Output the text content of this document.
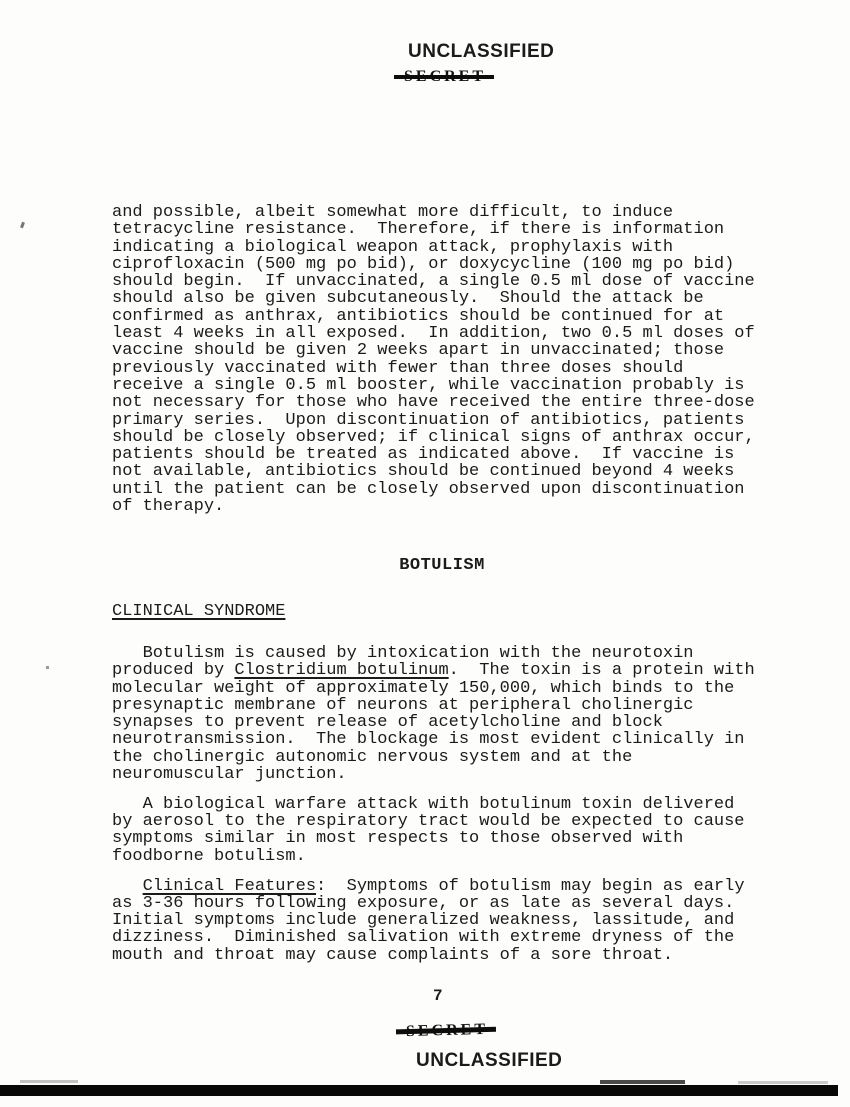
UNCLASSIFIED
and possible, albeit somewhat more difficult, to induce
tetracycline resistance.  Therefore, if there is information
indicating a biological weapon attack, prophylaxis with
ciprofloxacin (500 mg po bid), or doxycycline (100 mg po bid)
should begin.  If unvaccinated, a single 0.5 ml dose of vaccine
should also be given subcutaneously.  Should the attack be
confirmed as anthrax, antibiotics should be continued for at
least 4 weeks in all exposed.  In addition, two 0.5 ml doses of
vaccine should be given 2 weeks apart in unvaccinated; those
previously vaccinated with fewer than three doses should
receive a single 0.5 ml booster, while vaccination probably is
not necessary for those who have received the entire three-dose
primary series.  Upon discontinuation of antibiotics, patients
should be closely observed; if clinical signs of anthrax occur,
patients should be treated as indicated above.  If vaccine is
not available, antibiotics should be continued beyond 4 weeks
until the patient can be closely observed upon discontinuation
of therapy.
BOTULISM
CLINICAL SYNDROME
Botulism is caused by intoxication with the neurotoxin
produced by Clostridium botulinum.  The toxin is a protein with
molecular weight of approximately 150,000, which binds to the
presynaptic membrane of neurons at peripheral cholinergic
synapses to prevent release of acetylcholine and block
neurotransmission.  The blockage is most evident clinically in
the cholinergic autonomic nervous system and at the
neuromuscular junction.
A biological warfare attack with botulinum toxin delivered
by aerosol to the respiratory tract would be expected to cause
symptoms similar in most respects to those observed with
foodborne botulism.
Clinical Features:  Symptoms of botulism may begin as early
as 3-36 hours following exposure, or as late as several days.
Initial symptoms include generalized weakness, lassitude, and
dizziness.  Diminished salivation with extreme dryness of the
mouth and throat may cause complaints of a sore throat.
7
UNCLASSIFIED
